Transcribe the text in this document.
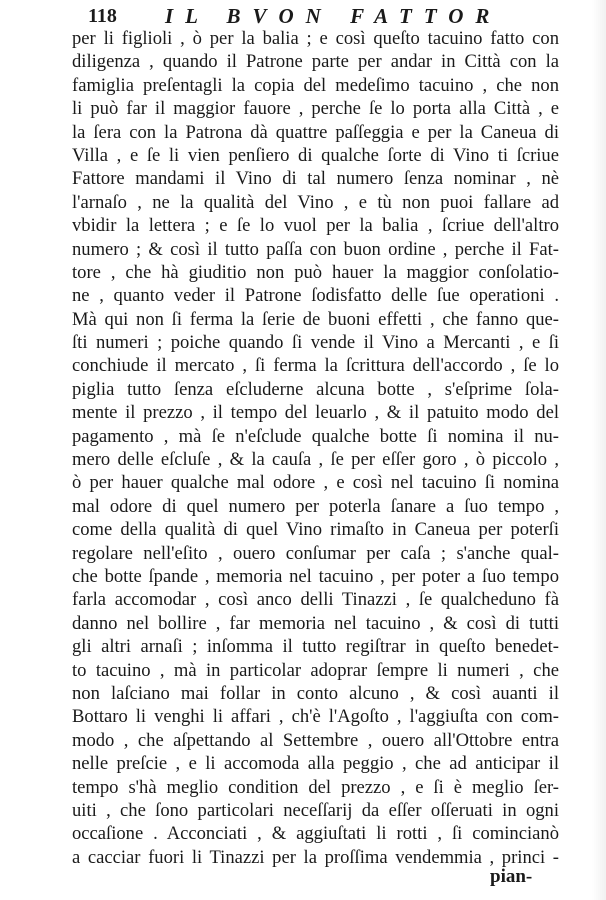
118 IL BVON FATTOR
per li figlioli , ò per la balia ; e così queſto tacuino fatto con
diligenza , quando il Patrone parte per andar in Città con la
famiglia preſentagli la copia del medeſimo tacuino , che non
li può far il maggior fauore , perche ſe lo porta alla Città , e
la ſera con la Patrona dà quattre paſſeggia e per la Caneua di
Villa , e ſe li vien penſiero di qualche ſorte di Vino ti ſcriue
Fattore mandami il Vino di tal numero ſenza nominar , nè
l'arnaſo , ne la qualità del Vino , e tù non puoi fallare ad
vbidir la lettera ; e ſe lo vuol per la balia , ſcriue dell'altro
numero ; & così il tutto paſſa con buon ordine , perche il Fat-
tore , che hà giuditio non può hauer la maggior conſolatio-
ne , quanto veder il Patrone ſodisfatto delle ſue operationi .
Mà qui non ſi ferma la ſerie de buoni effetti , che fanno que-
ſti numeri ; poiche quando ſi vende il Vino a Mercanti , e ſi
conchiude il mercato , ſi ferma la ſcrittura dell'accordo , ſe lo
piglia tutto ſenza eſcluderne alcuna botte , s'eſprime ſola-
mente il prezzo , il tempo del leuarlo , & il patuito modo del
pagamento , mà ſe n'eſclude qualche botte ſi nomina il nu-
mero delle eſcluſe , & la cauſa , ſe per eſſer goro , ò piccolo ,
ò per hauer qualche mal odore , e così nel tacuino ſi nomina
mal odore di quel numero per poterla ſanare a ſuo tempo ,
come della qualità di quel Vino rimaſto in Caneua per poterſi
regolare nell'eſito , ouero conſumar per caſa ; s'anche qual-
che botte ſpande , memoria nel tacuino , per poter a ſuo tempo
farla accomodar , così anco delli Tinazzi , ſe qualcheduno fà
danno nel bollire , far memoria nel tacuino , & così di tutti
gli altri arnaſi ; inſomma il tutto regiſtrar in queſto benedet-
to tacuino , mà in particolar adoprar ſempre li numeri , che
non laſciano mai follar in conto alcuno , & così auanti il
Bottaro li venghi li affari , ch'è l'Agoſto , l'aggiuſta con com-
modo , che aſpettando al Settembre , ouero all'Ottobre entra
nelle preſcie , e li accomoda alla peggio , che ad anticipar il
tempo s'hà meglio condition del prezzo , e ſi è meglio ſer-
uiti , che ſono particolari neceſſarij da eſſer oſſeruati in ogni
occaſione . Acconciati , & aggiuſtati li rotti , ſi comincianò
a cacciar fuori li Tinazzi per la proſſima vendemmia , princi -
pian-
